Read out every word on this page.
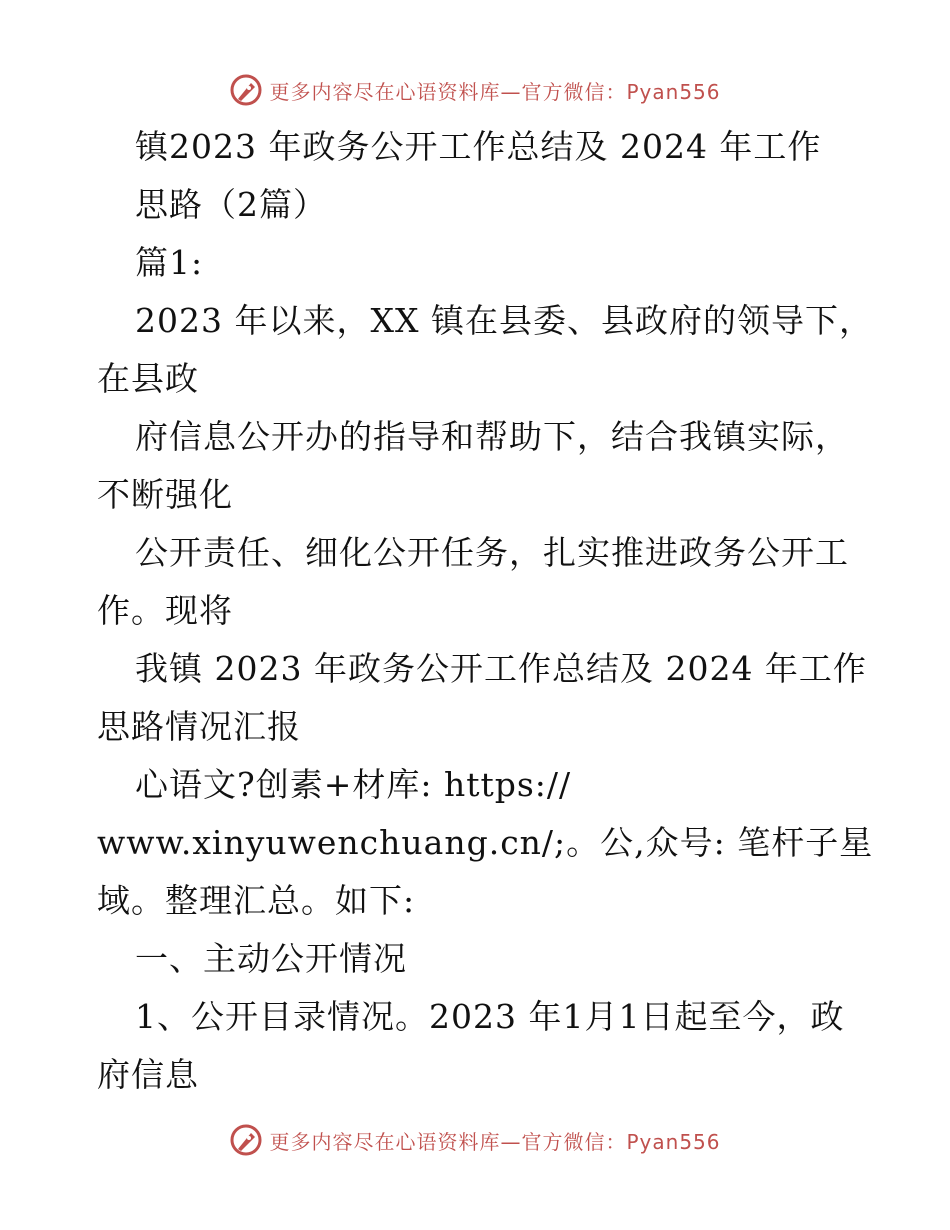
更多内容尽在心语资料库—官方微信：Pyan556
镇2023 年政务公开工作总结及 2024 年工作
思路（2篇）
篇1:
2023 年以来，XX 镇在县委、县政府的领导下，
在县政
府信息公开办的指导和帮助下，结合我镇实际，
不断强化
公开责任、细化公开任务，扎实推进政务公开工
作。现将
我镇 2023 年政务公开工作总结及 2024 年工作
思路情况汇报
心语文?创素+材库: https://
www.xinyuwenchuang.cn/;。公,众号: 笔杆子星
域。整理汇总。如下:
一、主动公开情况
1、公开目录情况。2023 年1月1日起至今，政
府信息
更多内容尽在心语资料库—官方微信：Pyan556
